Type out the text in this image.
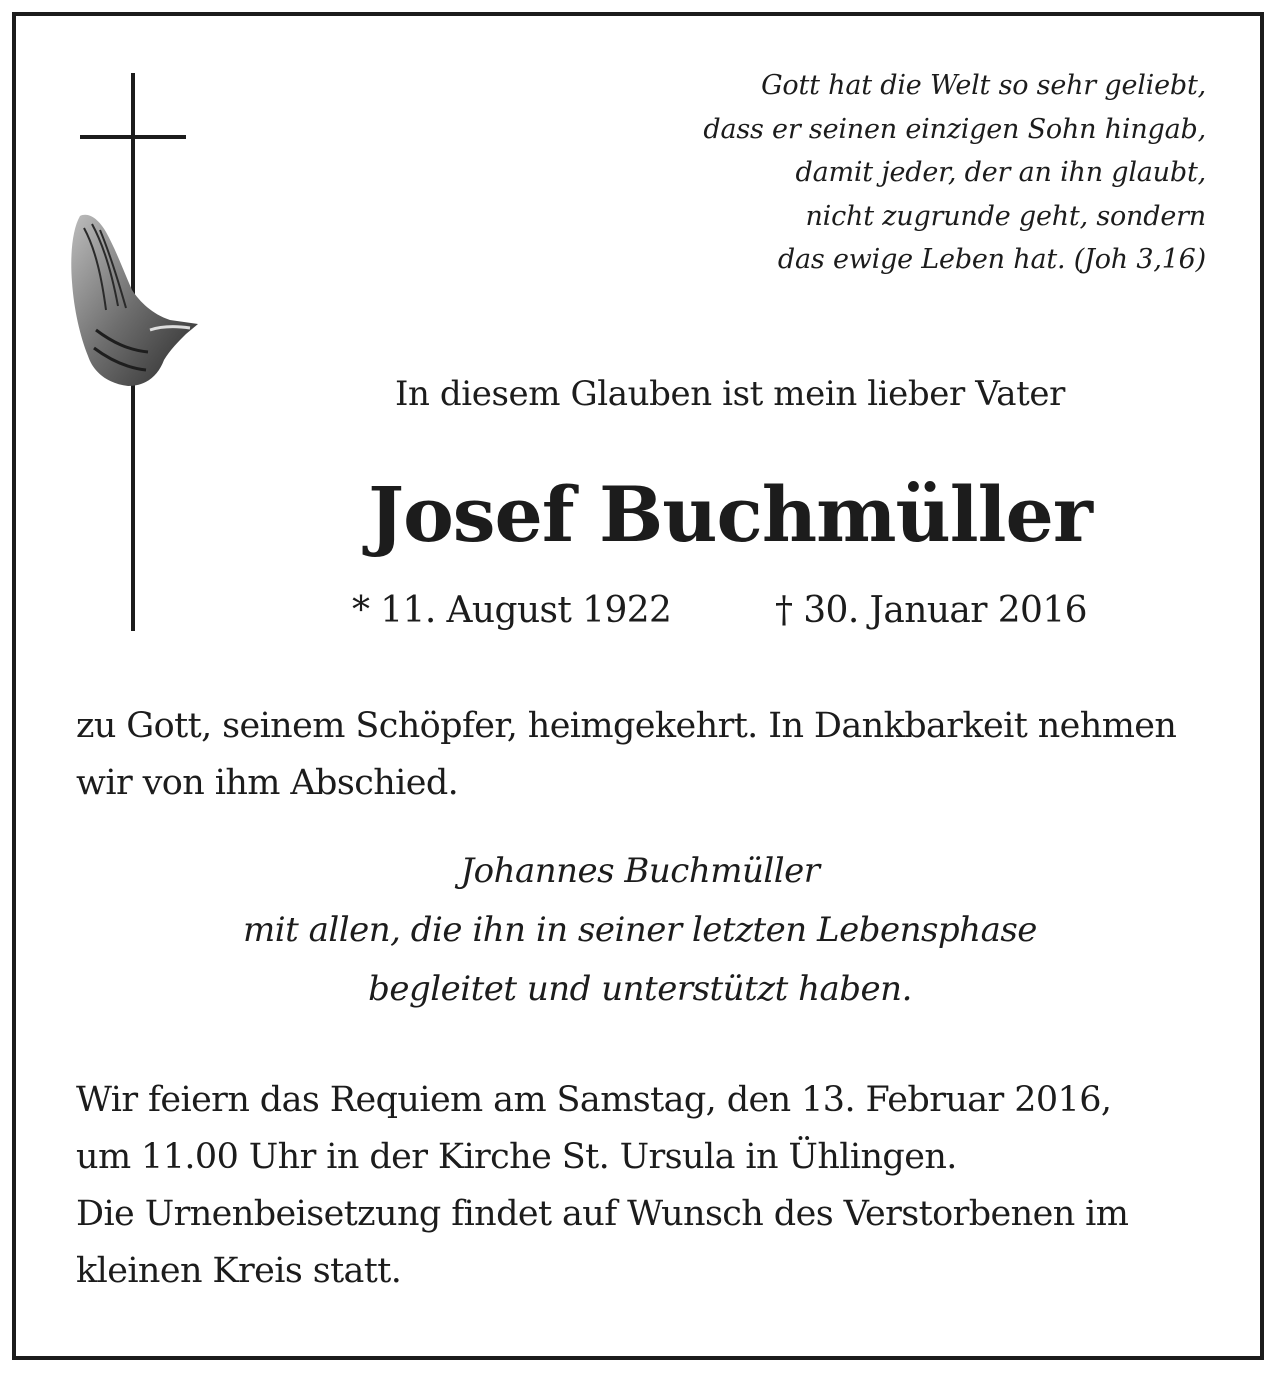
Gott hat die Welt so sehr geliebt,
dass er seinen einzigen Sohn hingab,
damit jeder, der an ihn glaubt,
nicht zugrunde geht, sondern
das ewige Leben hat. (Joh 3,16)
In diesem Glauben ist mein lieber Vater
Josef Buchmüller
* 11. August 1922	† 30. Januar 2016
zu Gott, seinem Schöpfer, heimgekehrt. In Dankbarkeit nehmen
wir von ihm Abschied.
Johannes Buchmüller
mit allen, die ihn in seiner letzten Lebensphase
begleitet und unterstützt haben.
Wir feiern das Requiem am Samstag, den 13. Februar 2016,
um 11.00 Uhr in der Kirche St. Ursula in Ühlingen.
Die Urnenbeisetzung findet auf Wunsch des Verstorbenen im
kleinen Kreis statt.
